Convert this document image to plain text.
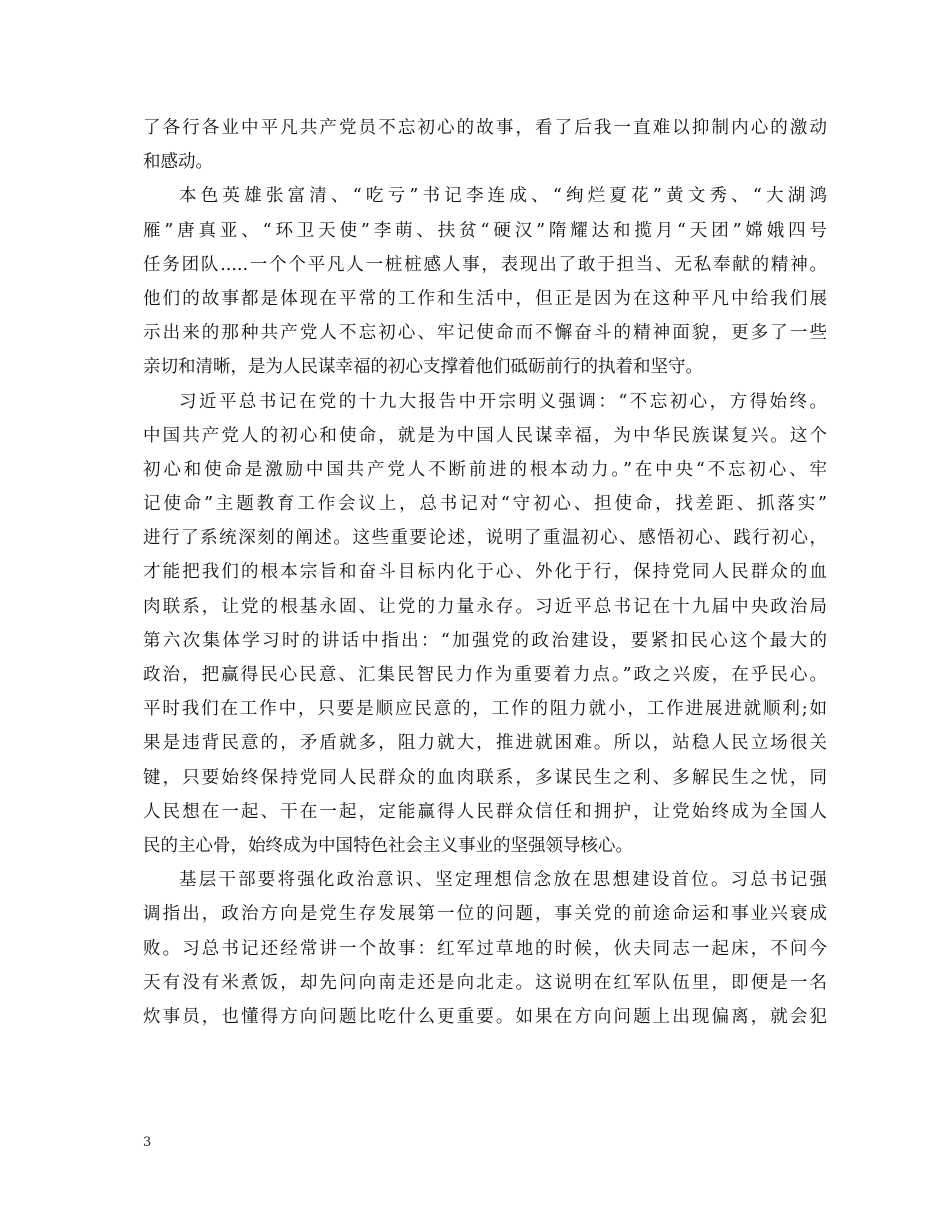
了各行各业中平凡共产党员不忘初心的故事，看了后我一直难以抑制内心的激动
和感动。
本色英雄张富清、“吃亏”书记李连成、“绚烂夏花”黄文秀、“大湖鸿
雁”唐真亚、“环卫天使”李萌、扶贫“硬汉”隋耀达和揽月“天团”嫦娥四号
任务团队.....一个个平凡人一桩桩感人事，表现出了敢于担当、无私奉献的精神。
他们的故事都是体现在平常的工作和生活中，但正是因为在这种平凡中给我们展
示出来的那种共产党人不忘初心、牢记使命而不懈奋斗的精神面貌，更多了一些
亲切和清晰，是为人民谋幸福的初心支撑着他们砥砺前行的执着和坚守。
习近平总书记在党的十九大报告中开宗明义强调：“不忘初心，方得始终。
中国共产党人的初心和使命，就是为中国人民谋幸福，为中华民族谋复兴。这个
初心和使命是激励中国共产党人不断前进的根本动力。”在中央“不忘初心、牢
记使命”主题教育工作会议上，总书记对“守初心、担使命，找差距、抓落实”
进行了系统深刻的阐述。这些重要论述，说明了重温初心、感悟初心、践行初心，
才能把我们的根本宗旨和奋斗目标内化于心、外化于行，保持党同人民群众的血
肉联系，让党的根基永固、让党的力量永存。习近平总书记在十九届中央政治局
第六次集体学习时的讲话中指出：“加强党的政治建设，要紧扣民心这个最大的
政治，把赢得民心民意、汇集民智民力作为重要着力点。”政之兴废，在乎民心。
平时我们在工作中，只要是顺应民意的，工作的阻力就小，工作进展进就顺利;如
果是违背民意的，矛盾就多，阻力就大，推进就困难。所以，站稳人民立场很关
键，只要始终保持党同人民群众的血肉联系，多谋民生之利、多解民生之忧，同
人民想在一起、干在一起，定能赢得人民群众信任和拥护，让党始终成为全国人
民的主心骨，始终成为中国特色社会主义事业的坚强领导核心。
基层干部要将强化政治意识、坚定理想信念放在思想建设首位。习总书记强
调指出，政治方向是党生存发展第一位的问题，事关党的前途命运和事业兴衰成
败。习总书记还经常讲一个故事：红军过草地的时候，伙夫同志一起床，不问今
天有没有米煮饭，却先问向南走还是向北走。这说明在红军队伍里，即便是一名
炊事员，也懂得方向问题比吃什么更重要。如果在方向问题上出现偏离，就会犯
3
